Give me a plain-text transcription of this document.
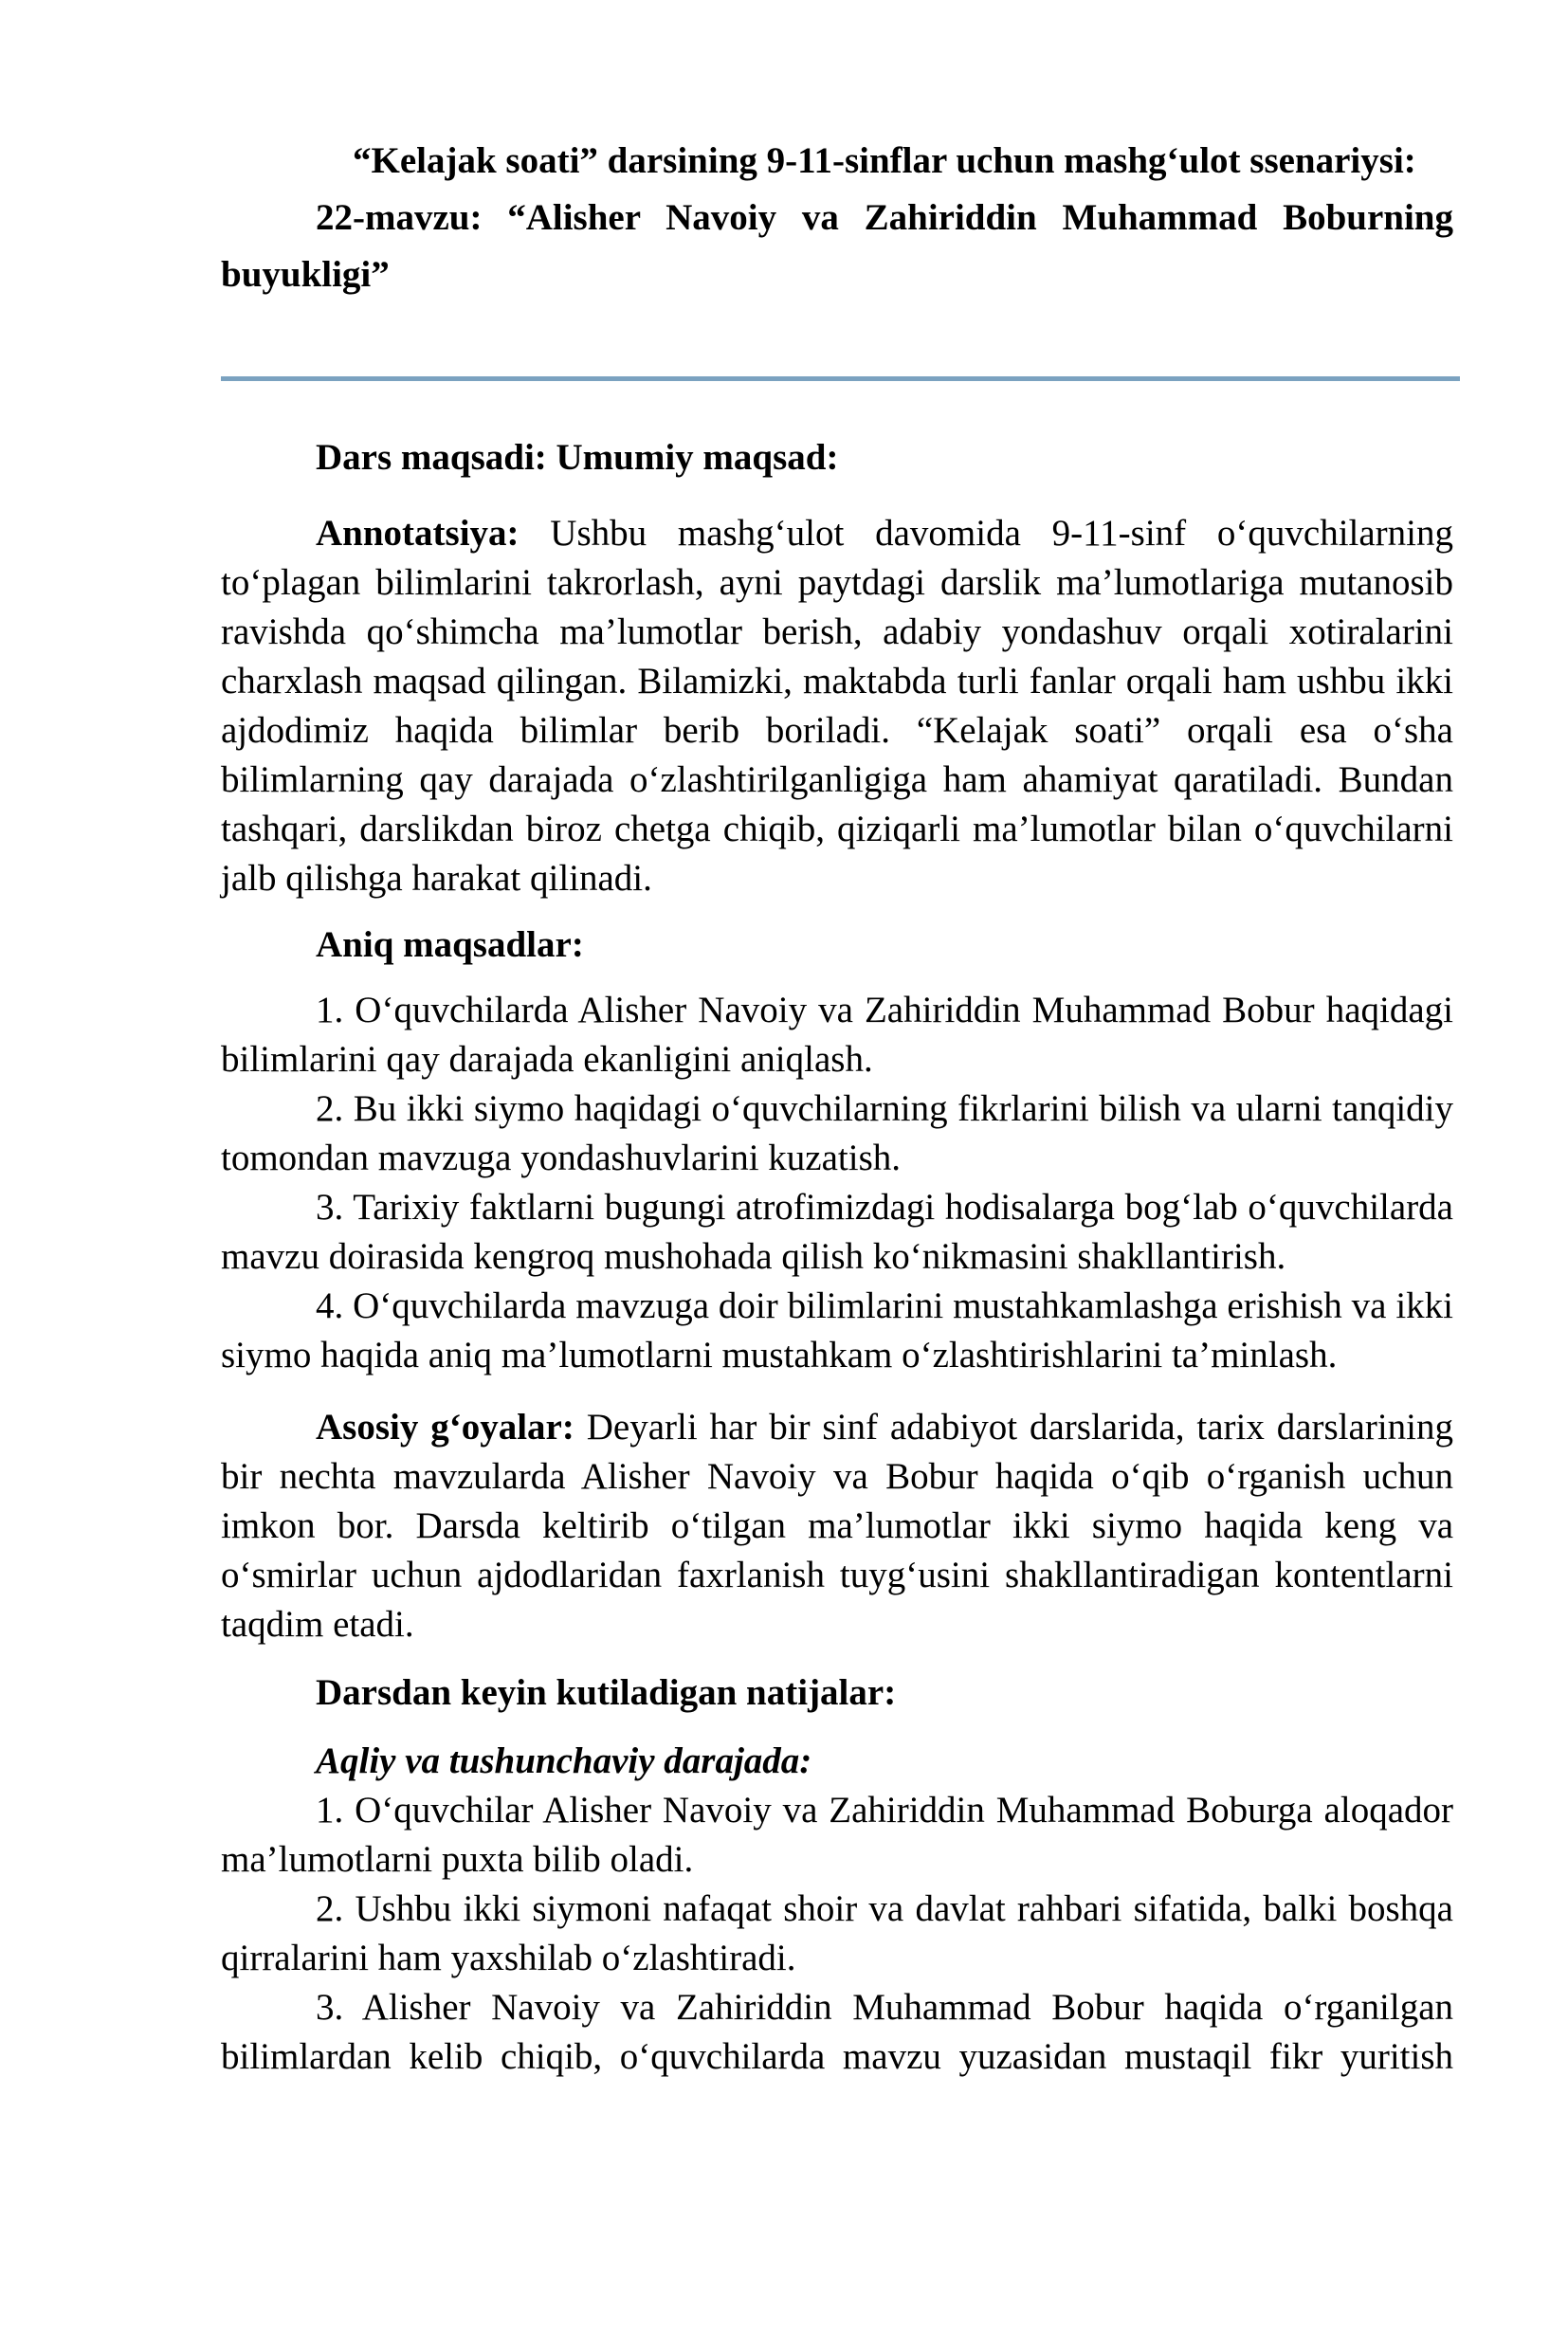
“Kelajak soati” darsining 9-11-sinflar uchun mashg‘ulot ssenariysi:

22-mavzu: “Alisher Navoiy va Zahiriddin Muhammad Boburning

buyukligi”

Dars maqsadi: Umumiy maqsad:

Annotatsiya: Ushbu mashg‘ulot davomida 9-11-sinf o‘quvchilarning to‘plagan bilimlarini takrorlash, ayni paytdagi darslik ma’lumotlariga mutanosib ravishda qo‘shimcha ma’lumotlar berish, adabiy yondashuv orqali xotiralarini charxlash maqsad qilingan. Bilamizki, maktabda turli fanlar orqali ham ushbu ikki ajdodimiz haqida bilimlar berib boriladi. “Kelajak soati” orqali esa o‘sha bilimlarning qay darajada o‘zlashtirilganligiga ham ahamiyat qaratiladi. Bundan tashqari, darslikdan biroz chetga chiqib, qiziqarli ma’lumotlar bilan o‘quvchilarni jalb qilishga harakat qilinadi.

Aniq maqsadlar:

1. O‘quvchilarda Alisher Navoiy va Zahiriddin Muhammad Bobur haqidagi bilimlarini qay darajada ekanligini aniqlash.

2. Bu ikki siymo haqidagi o‘quvchilarning fikrlarini bilish va ularni tanqidiy tomondan mavzuga yondashuvlarini kuzatish.

3. Tarixiy faktlarni bugungi atrofimizdagi hodisalarga bog‘lab o‘quvchilarda mavzu doirasida kengroq mushohada qilish ko‘nikmasini shakllantirish.

4. O‘quvchilarda mavzuga doir bilimlarini mustahkamlashga erishish va ikki siymo haqida aniq ma’lumotlarni mustahkam o‘zlashtirishlarini ta’minlash.

Asosiy g‘oyalar: Deyarli har bir sinf adabiyot darslarida, tarix darslarining bir nechta mavzularda Alisher Navoiy va Bobur haqida o‘qib o‘rganish uchun imkon bor. Darsda keltirib o‘tilgan ma’lumotlar ikki siymo haqida keng va o‘smirlar uchun ajdodlaridan faxrlanish tuyg‘usini shakllantiradigan kontentlarni taqdim etadi.

Darsdan keyin kutiladigan natijalar:

Aqliy va tushunchaviy darajada:

1. O‘quvchilar Alisher Navoiy va Zahiriddin Muhammad Boburga aloqador ma’lumotlarni puxta bilib oladi.

2. Ushbu ikki siymoni nafaqat shoir va davlat rahbari sifatida, balki boshqa qirralarini ham yaxshilab o‘zlashtiradi.

3. Alisher Navoiy va Zahiriddin Muhammad Bobur haqida o‘rganilgan bilimlardan kelib chiqib, o‘quvchilarda mavzu yuzasidan mustaqil fikr yuritish
